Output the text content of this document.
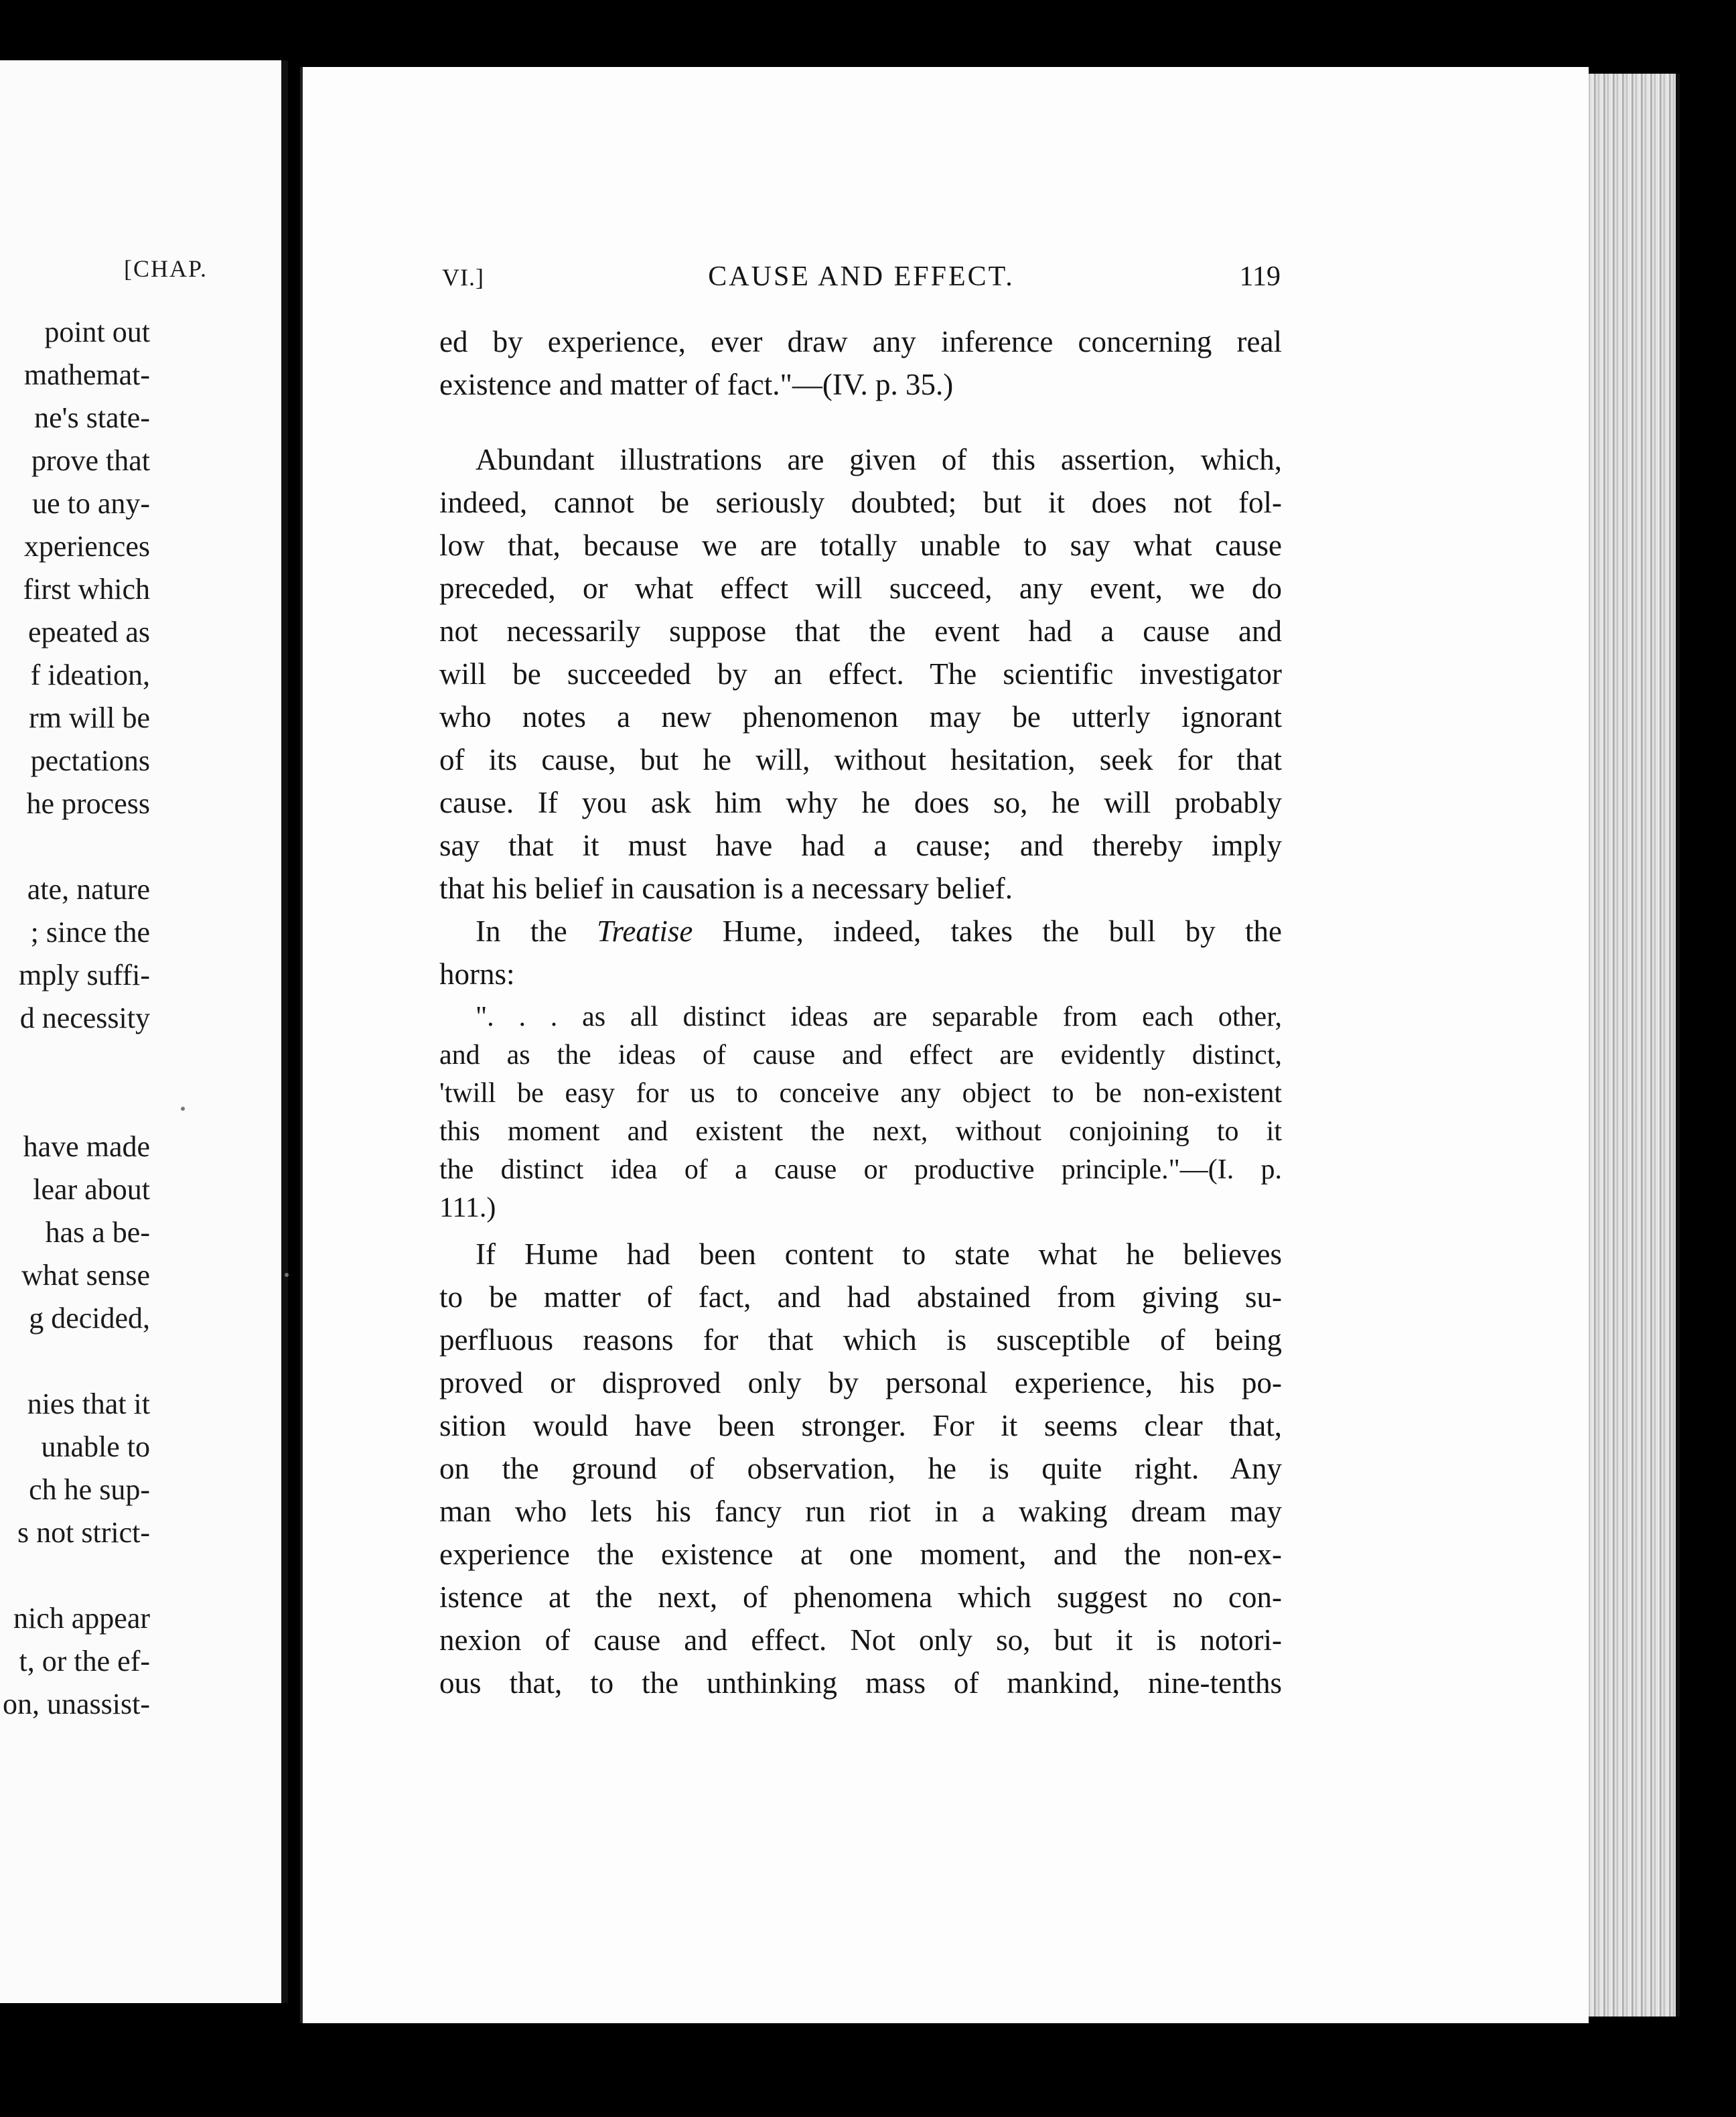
[CHAP.
point out
mathemat-
ne's state-
prove that
ue to any-
xperiences
first which
epeated as
f ideation,
rm will be
pectations
he process
ate, nature
; since the
mply suffi-
d necessity
have made
lear about
has a be-
what sense
g decided,
nies that it
unable to
ch he sup-
s not strict-
nich appear
t, or the ef-
on, unassist-
VI.]	CAUSE AND EFFECT.	119
ed by experience, ever draw any inference concerning real
existence and matter of fact."—(IV. p. 35.)
Abundant illustrations are given of this assertion, which,
indeed, cannot be seriously doubted; but it does not fol-
low that, because we are totally unable to say what cause
preceded, or what effect will succeed, any event, we do
not necessarily suppose that the event had a cause and
will be succeeded by an effect. The scientific investigator
who notes a new phenomenon may be utterly ignorant
of its cause, but he will, without hesitation, seek for that
cause. If you ask him why he does so, he will probably
say that it must have had a cause; and thereby imply
that his belief in causation is a necessary belief.
In the Treatise Hume, indeed, takes the bull by the
horns:
". . . as all distinct ideas are separable from each other,
and as the ideas of cause and effect are evidently distinct,
'twill be easy for us to conceive any object to be non-existent
this moment and existent the next, without conjoining to it
the distinct idea of a cause or productive principle."—(I. p.
111.)
If Hume had been content to state what he believes
to be matter of fact, and had abstained from giving su-
perfluous reasons for that which is susceptible of being
proved or disproved only by personal experience, his po-
sition would have been stronger. For it seems clear that,
on the ground of observation, he is quite right. Any
man who lets his fancy run riot in a waking dream may
experience the existence at one moment, and the non-ex-
istence at the next, of phenomena which suggest no con-
nexion of cause and effect. Not only so, but it is notori-
ous that, to the unthinking mass of mankind, nine-tenths
